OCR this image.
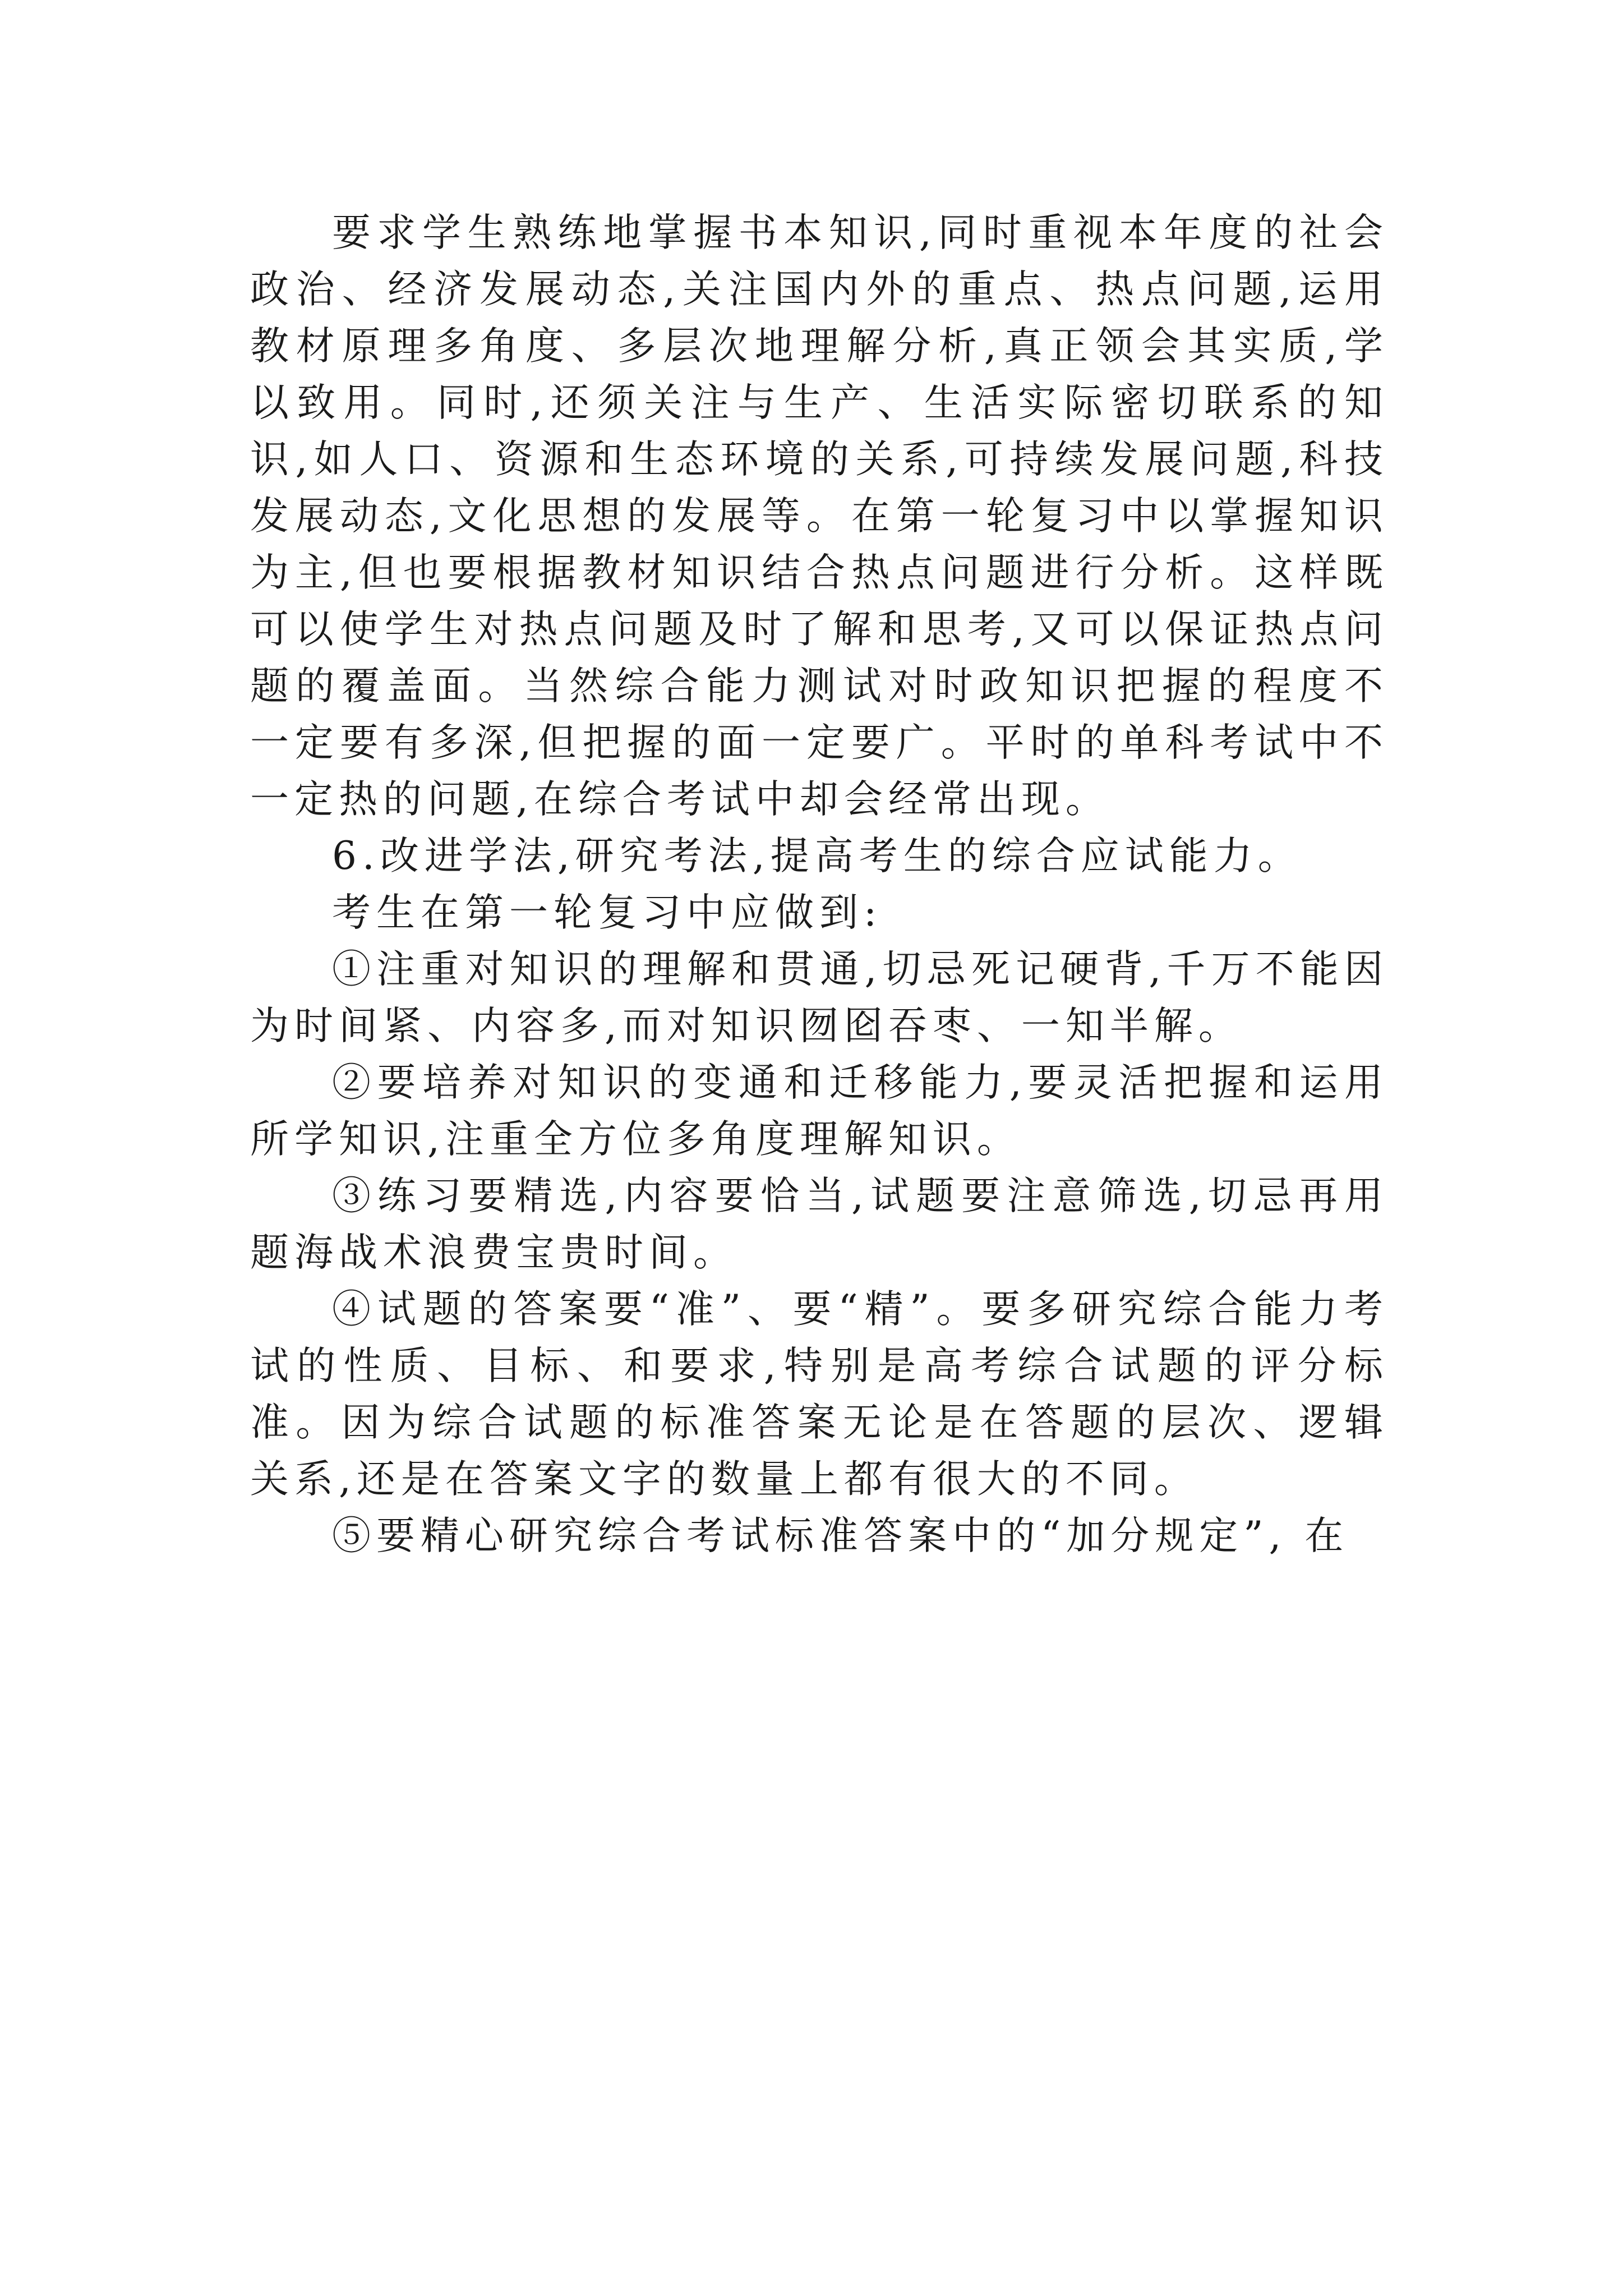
要求学生熟练地掌握书本知识,同时重视本年度的社会政治、经济发展动态,关注国内外的重点、热点问题,运用教材原理多角度、多层次地理解分析,真正领会其实质,学以致用。同时,还须关注与生产、生活实际密切联系的知识,如人口、资源和生态环境的关系,可持续发展问题,科技发展动态,文化思想的发展等。在第一轮复习中以掌握知识为主,但也要根据教材知识结合热点问题进行分析。这样既可以使学生对热点问题及时了解和思考,又可以保证热点问题的覆盖面。当然综合能力测试对时政知识把握的程度不一定要有多深,但把握的面一定要广。平时的单科考试中不一定热的问题,在综合考试中却会经常出现。

6.改进学法,研究考法,提高考生的综合应试能力。

考生在第一轮复习中应做到:

①注重对知识的理解和贯通,切忌死记硬背,千万不能因为时间紧、内容多,而对知识囫囵吞枣、一知半解。

②要培养对知识的变通和迁移能力,要灵活把握和运用所学知识,注重全方位多角度理解知识。

③练习要精选,内容要恰当,试题要注意筛选,切忌再用题海战术浪费宝贵时间。

④试题的答案要“准”、要“精”。要多研究综合能力考试的性质、目标、和要求,特别是高考综合试题的评分标准。因为综合试题的标准答案无论是在答题的层次、逻辑关系,还是在答案文字的数量上都有很大的不同。

⑤要精心研究综合考试标准答案中的“加分规定”, 在
